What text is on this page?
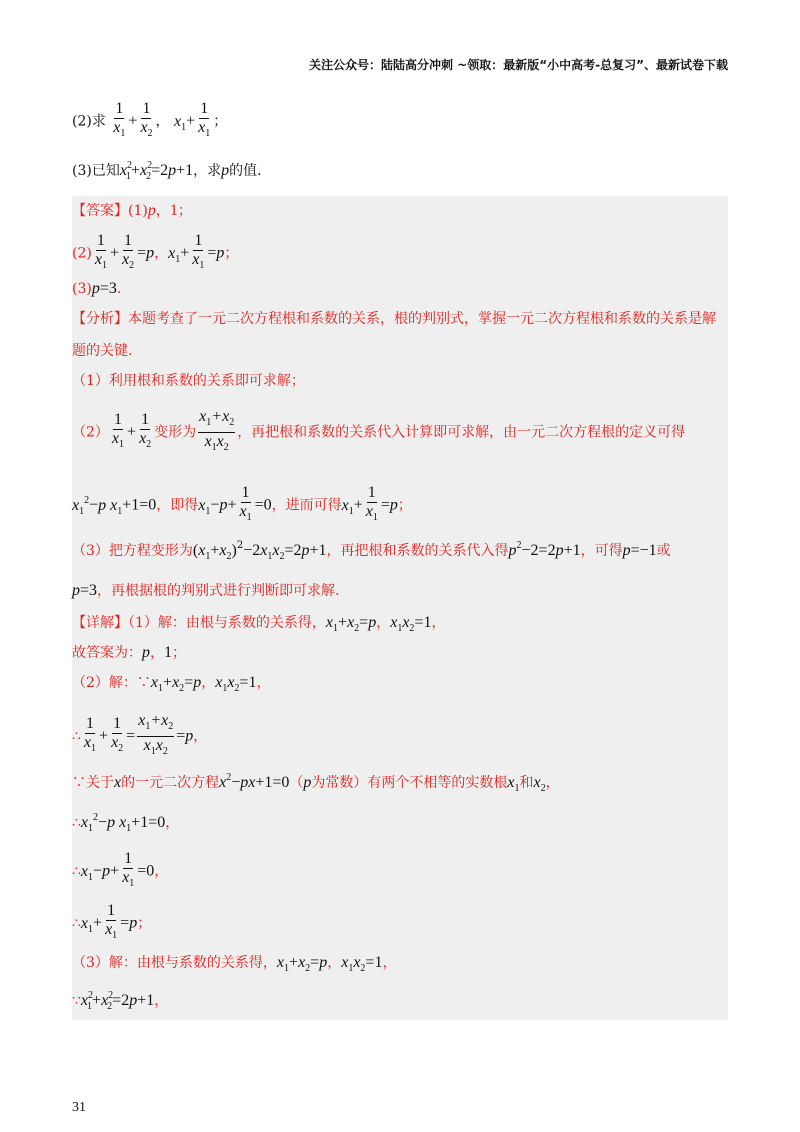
关注公众号：陆陆高分冲刺 ~领取：最新版“小中高考-总复习”、最新试卷下载
(2)求 $\frac{1}{x_1} + \frac{1}{x_2}$ ， $x_1+ \frac{1}{x_1}$ ；
(3)已知$x^2_1+x^2_2=2p+1$，求p的值.
【答案】(1)p，1；
$(2) \frac{1}{x_1} + \frac{1}{x_2} =p$，$x_1+ \frac{1}{x_1} =p$；
(3)p=3.
【分析】本题考查了一元二次方程根和系数的关系，根的判别式，掌握一元二次方程根和系数的关系是解
题的关键.
（1）利用根和系数的关系即可求解；
$(2) \frac{1}{x_1} + \frac{1}{x_2}$ 变形为 $\frac{x_1+x_2}{x_1x_2}$ ，再把根和系数的关系代入计算即可求解，由一元二次方程根的定义可得
$x_1^2-p$ $x_1+1=0$，即得$x_1-p+ \frac{1}{x_1} =0$，进而可得$x_1+ \frac{1}{x_1} =p$；
（3）把方程变形为$(x_1+x_2)^2-2x_1x_2=2p+1$，再把根和系数的关系代入得$p^2-2=2p+1$，可得p=−1或
p=3，再根据根的判别式进行判断即可求解.
【详解】（1）解：由根与系数的关系得，$x_1+x_2=p$，$x_1x_2=1$，
故答案为：p，1；
（2）解：$\because x_1+x_2=p$，$x_1x_2=1$，
∴ $\frac{1}{x_1} + \frac{1}{x_2} = \frac{x_1+x_2}{x_1x_2} =p$，
∵关于x的一元二次方程$x^2-px+1=0(p$为常数）有两个不相等的实数根$x_1$和$x_2$，
$\therefore x_1^2-p$ $x_1+1=0$，
$\therefore x_1-p+ \frac{1}{x_1} =0$，
$\therefore x_1+ \frac{1}{x_1} =p$；
（3）解：由根与系数的关系得，$x_1+x_2=p$，$x_1x_2=1$，
$\because x^2_1+x^2_2=2p+1$，
31
